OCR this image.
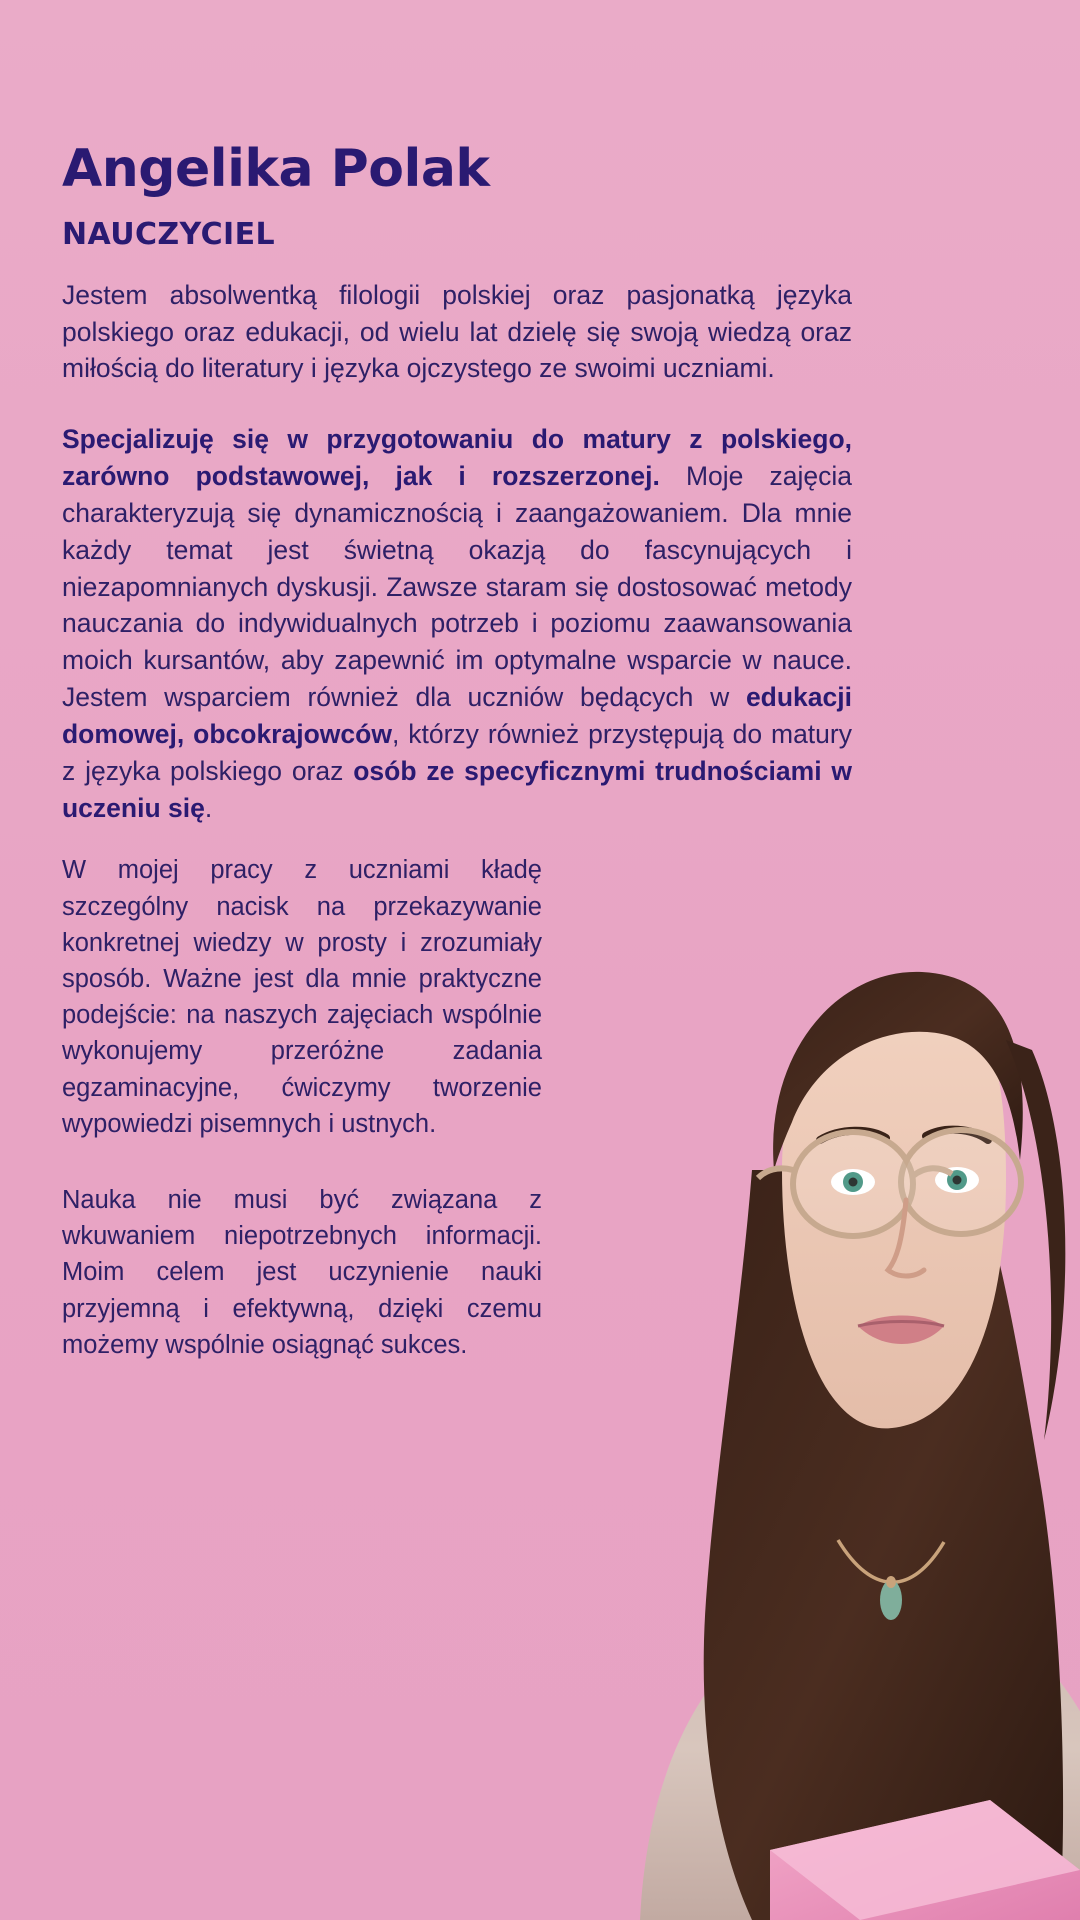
Angelika Polak
NAUCZYCIEL

Jestem absolwentką filologii polskiej oraz pasjonatką języka polskiego oraz edukacji, od wielu lat dzielę się swoją wiedzą oraz miłością do literatury i języka ojczystego ze swoimi uczniami.

Specjalizuję się w przygotowaniu do matury z polskiego, zarówno podstawowej, jak i rozszerzonej. Moje zajęcia charakteryzują się dynamicznością i zaangażowaniem. Dla mnie każdy temat jest świetną okazją do fascynujących i niezapomnianych dyskusji. Zawsze staram się dostosować metody nauczania do indywidualnych potrzeb i poziomu zaawansowania moich kursantów, aby zapewnić im optymalne wsparcie w nauce. Jestem wsparciem również dla uczniów będących w edukacji domowej, obcokrajowców, którzy również przystępują do matury z języka polskiego oraz osób ze specyficznymi trudnościami w uczeniu się.

W mojej pracy z uczniami kładę szczególny nacisk na przekazywanie konkretnej wiedzy w prosty i zrozumiały sposób. Ważne jest dla mnie praktyczne podejście: na naszych zajęciach wspólnie wykonujemy przeróżne zadania egzaminacyjne, ćwiczymy tworzenie wypowiedzi pisemnych i ustnych.

Nauka nie musi być związana z wkuwaniem niepotrzebnych informacji. Moim celem jest uczynienie nauki przyjemną i efektywną, dzięki czemu możemy wspólnie osiągnąć sukces.
